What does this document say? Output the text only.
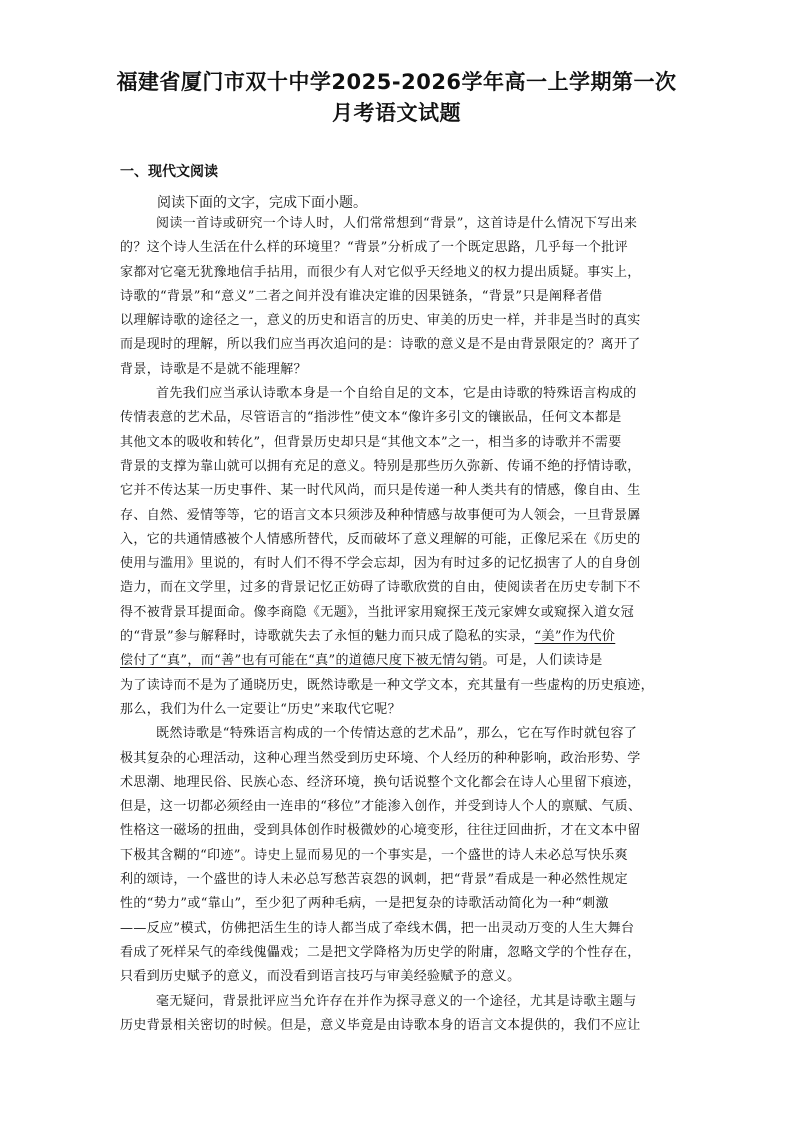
福建省厦门市双十中学2025-2026学年高一上学期第一次
月考语文试题

一、现代文阅读

阅读下面的文字，完成下面小题。

阅读一首诗或研究一个诗人时，人们常常想到“背景”，这首诗是什么情况下写出来
的？这个诗人生活在什么样的环境里？“背景”分析成了一个既定思路，几乎每一个批评
家都对它毫无犹豫地信手拈用，而很少有人对它似乎天经地义的权力提出质疑。事实上，
诗歌的“背景”和“意义”二者之间并没有谁决定谁的因果链条，“背景”只是阐释者借
以理解诗歌的途径之一，意义的历史和语言的历史、审美的历史一样，并非是当时的真实
而是现时的理解，所以我们应当再次追问的是：诗歌的意义是不是由背景限定的？离开了
背景，诗歌是不是就不能理解？
首先我们应当承认诗歌本身是一个自给自足的文本，它是由诗歌的特殊语言构成的
传情表意的艺术品，尽管语言的“指涉性”使文本“像许多引文的镶嵌品，任何文本都是
其他文本的吸收和转化”，但背景历史却只是“其他文本”之一，相当多的诗歌并不需要
背景的支撑为靠山就可以拥有充足的意义。特别是那些历久弥新、传诵不绝的抒情诗歌，
它并不传达某一历史事件、某一时代风尚，而只是传递一种人类共有的情感，像自由、生
存、自然、爱情等等，它的语言文本只须涉及种种情感与故事便可为人领会，一旦背景羼
入，它的共通情感被个人情感所替代，反而破坏了意义理解的可能，正像尼采在《历史的
使用与滥用》里说的，有时人们不得不学会忘却，因为有时过多的记忆损害了人的自身创
造力，而在文学里，过多的背景记忆正妨碍了诗歌欣赏的自由，使阅读者在历史专制下不
得不被背景耳提面命。像李商隐《无题》，当批评家用窥探王茂元家婢女或窥探入道女冠
的“背景”参与解释时，诗歌就失去了永恒的魅力而只成了隐私的实录，“美”作为代价
偿付了“真”，而“善”也有可能在“真”的道德尺度下被无情勾销。可是，人们读诗是
为了读诗而不是为了通晓历史，既然诗歌是一种文学文本，充其量有一些虚构的历史痕迹，
那么，我们为什么一定要让“历史”来取代它呢？
既然诗歌是“特殊语言构成的一个传情达意的艺术品”，那么，它在写作时就包容了
极其复杂的心理活动，这种心理当然受到历史环境、个人经历的种种影响，政治形势、学
术思潮、地理民俗、民族心态、经济环境，换句话说整个文化都会在诗人心里留下痕迹，
但是，这一切都必须经由一连串的“移位”才能渗入创作，并受到诗人个人的禀赋、气质、
性格这一磁场的扭曲，受到具体创作时极微妙的心境变形，往往迂回曲折，才在文本中留
下极其含糊的“印迹”。诗史上显而易见的一个事实是，一个盛世的诗人未必总写快乐爽
利的颂诗，一个盛世的诗人未必总写愁苦哀怨的讽刺，把“背景”看成是一种必然性规定
性的“势力”或“靠山”，至少犯了两种毛病，一是把复杂的诗歌活动简化为一种“刺激
——反应”模式，仿佛把活生生的诗人都当成了牵线木偶，把一出灵动万变的人生大舞台
看成了死样呆气的牵线傀儡戏；二是把文学降格为历史学的附庸，忽略文学的个性存在，
只看到历史赋予的意义，而没看到语言技巧与审美经验赋予的意义。
毫无疑问，背景批评应当允许存在并作为探寻意义的一个途径，尤其是诗歌主题与
历史背景相关密切的时候。但是，意义毕竟是由诗歌本身的语言文本提供的，我们不应让
